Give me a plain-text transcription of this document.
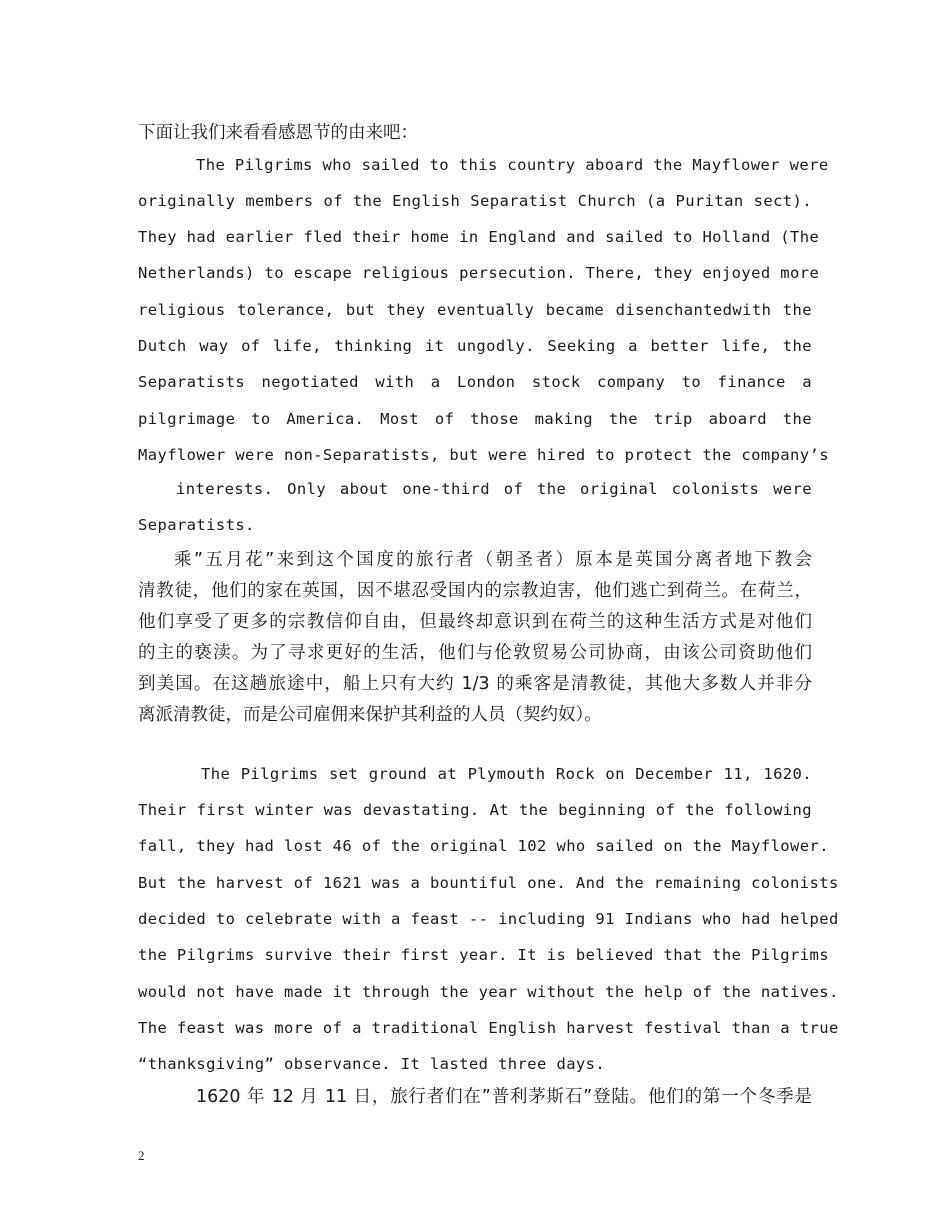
下面让我们来看看感恩节的由来吧：

The Pilgrims who sailed to this country aboard the Mayflower were

originally members of the English Separatist Church (a Puritan sect).

They had earlier fled their home in England and sailed to Holland (The

Netherlands) to escape religious persecution. There, they enjoyed more

religious tolerance, but they eventually became disenchantedwith the

Dutch way of life, thinking it ungodly. Seeking a better life, the

Separatists negotiated with a London stock company to finance a

pilgrimage to America. Most of those making the trip aboard the

Mayflower were non-Separatists, but were hired to protect the company’s

interests. Only about one-third of the original colonists were

Separatists.

乘”五月花”来到这个国度的旅行者（朝圣者）原本是英国分离者地下教会

清教徒，他们的家在英国，因不堪忍受国内的宗教迫害，他们逃亡到荷兰。在荷兰，

他们享受了更多的宗教信仰自由，但最终却意识到在荷兰的这种生活方式是对他们

的主的亵渎。为了寻求更好的生活，他们与伦敦贸易公司协商，由该公司资助他们

到美国。在这趟旅途中，船上只有大约 1/3 的乘客是清教徒，其他大多数人并非分

离派清教徒，而是公司雇佣来保护其利益的人员（契约奴）。

The Pilgrims set ground at Plymouth Rock on December 11, 1620.

Their first winter was devastating. At the beginning of the following

fall, they had lost 46 of the original 102 who sailed on the Mayflower.

But the harvest of 1621 was a bountiful one. And the remaining colonists

decided to celebrate with a feast -- including 91 Indians who had helped

the Pilgrims survive their first year. It is believed that the Pilgrims

would not have made it through the year without the help of the natives.

The feast was more of a traditional English harvest festival than a true

“thanksgiving” observance. It lasted three days.

1620 年 12 月 11 日，旅行者们在”普利茅斯石”登陆。他们的第一个冬季是

2
